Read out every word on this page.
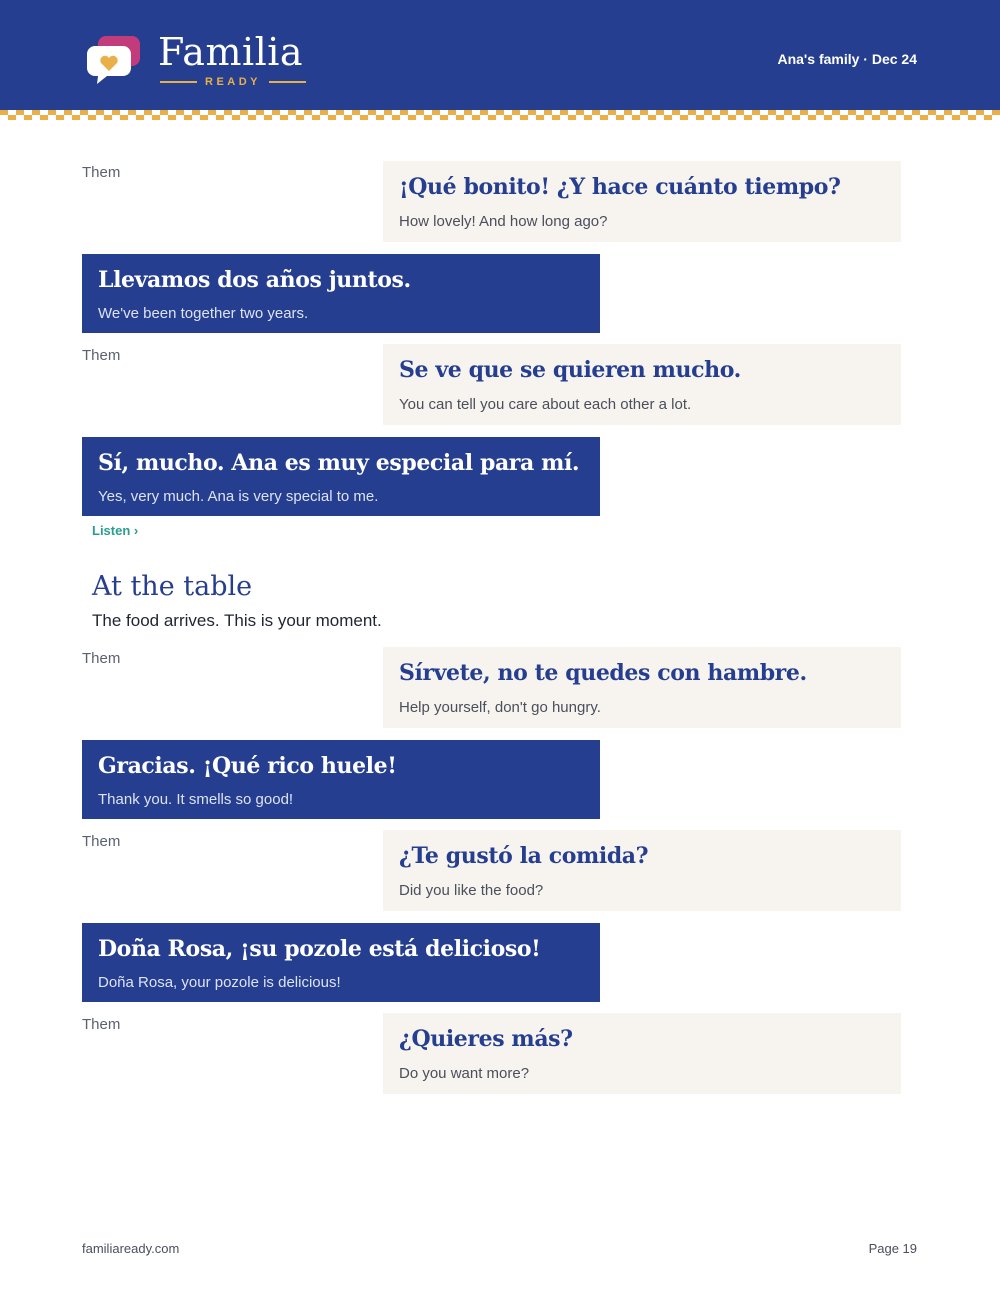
Familia
READY
Ana's family · Dec 24
Them
¡Qué bonito! ¿Y hace cuánto tiempo?
How lovely! And how long ago?
Llevamos dos años juntos.
We've been together two years.
Them
Se ve que se quieren mucho.
You can tell you care about each other a lot.
Sí, mucho. Ana es muy especial para mí.
Yes, very much. Ana is very special to me.
Listen ›
At the table
The food arrives. This is your moment.
Them
Sírvete, no te quedes con hambre.
Help yourself, don't go hungry.
Gracias. ¡Qué rico huele!
Thank you. It smells so good!
Them
¿Te gustó la comida?
Did you like the food?
Doña Rosa, ¡su pozole está delicioso!
Doña Rosa, your pozole is delicious!
Them
¿Quieres más?
Do you want more?
familiaready.com	Page 19
